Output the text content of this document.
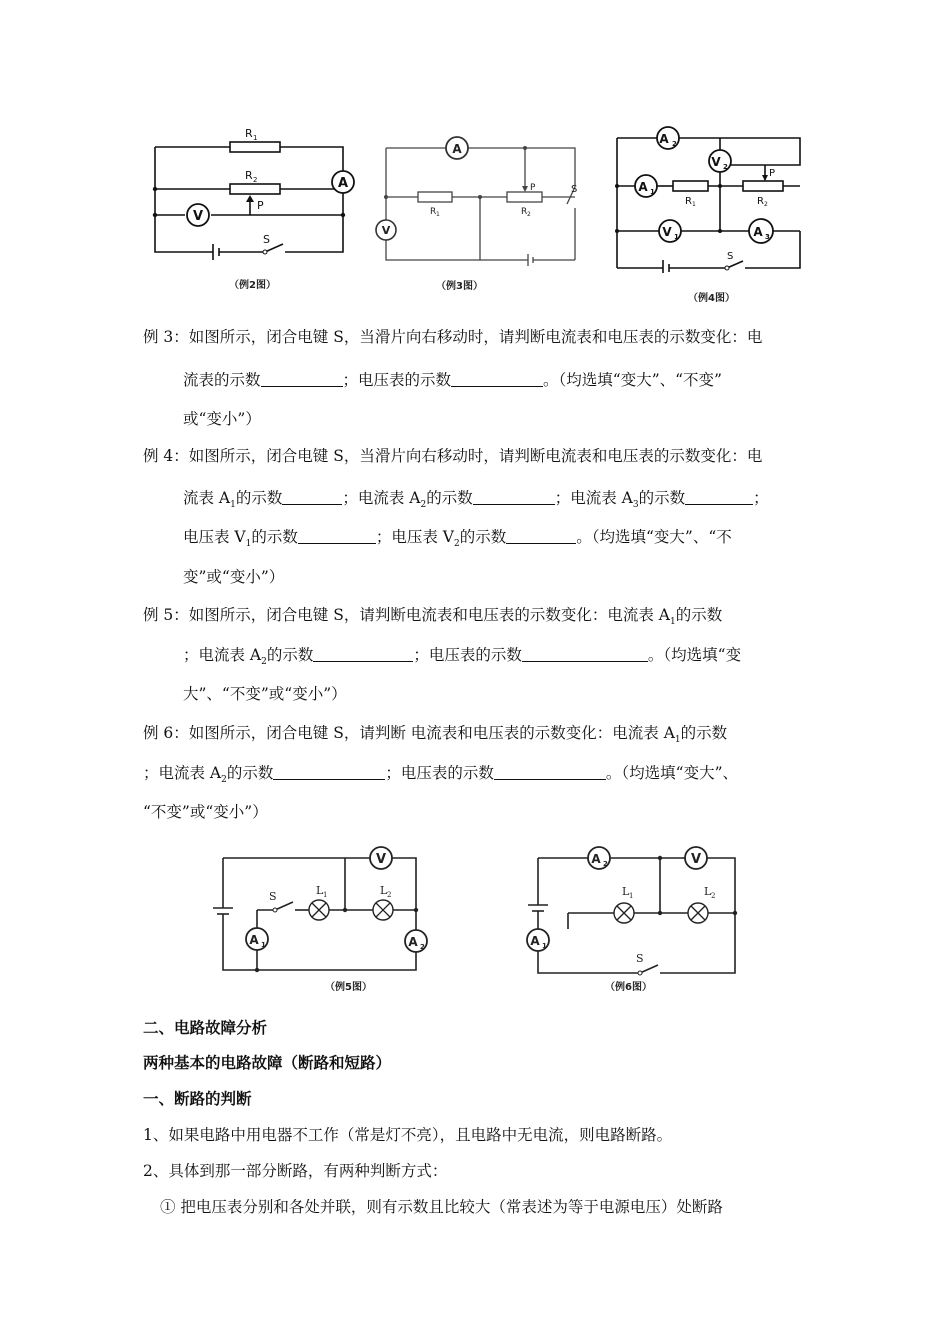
A
V
R 1
R 2
P
S
（例2图）
A
V
R 1	R 2
P	S
（例3图）
A 2
V 2
A 1
V 1	A 3
R 1	R 2
P
S
（例4图）
例 3：如图所示，闭合电键 S，当滑片向右移动时，请判断电流表和电压表的示数变化：电
流表的示数	；电压表的示数	。（均选填“变大”、“不变”
或“变小”）
例 4：如图所示，闭合电键 S，当滑片向右移动时，请判断电流表和电压表的示数变化：电
流表 $A_1$的示数	；电流表 $A_2$的示数	；电流表 $A_3$的示数	；
电压表 $V_1$的示数	；电压表 $V_2$的示数	。（均选填“变大”、“不
变”或“变小”）
例 5：如图所示，闭合电键 S，请判断电流表和电压表的示数变化：电流表 $A_1$的示数
；电流表 $A_2$的示数	；电压表的示数	。（均选填“变
大”、“不变”或“变小”）
例 6：如图所示，闭合电键 S，请判断 电流表和电压表的示数变化：电流表 $A_1$的示数
；电流表 $A_2$的示数	；电压表的示数	。（均选填“变大”、
“不变”或“变小”）
V
A 1	A 2
S	L 1	L 2
（例5图）
A 2	V
A 1
L 1	L 2
S
（例6图）
二、电路故障分析
两种基本的电路故障（断路和短路）
一、断路的判断
1、如果电路中用电器不工作（常是灯不亮），且电路中无电流，则电路断路。
2、具体到那一部分断路，有两种判断方式：
① 把电压表分别和各处并联，则有示数且比较大（常表述为等于电源电压）处断路
